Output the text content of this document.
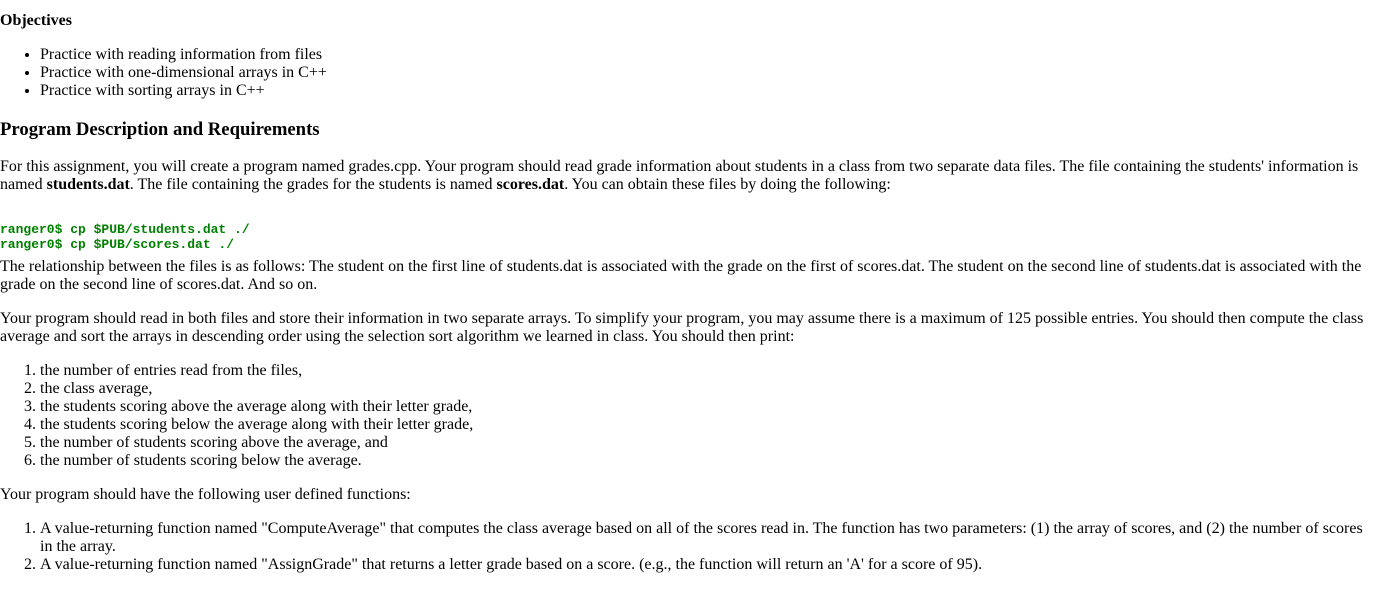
Objectives
• Practice with reading information from files
• Practice with one-dimensional arrays in C++
• Practice with sorting arrays in C++
Program Description and Requirements

For this assignment, you will create a program named grades.cpp. Your program should read grade information about students in a class from two separate data files. The file containing the students' information is named students.dat. The file containing the grades for the students is named scores.dat. You can obtain these files by doing the following:

ranger0$ cp $PUB/students.dat ./
ranger0$ cp $PUB/scores.dat ./

The relationship between the files is as follows: The student on the first line of students.dat is associated with the grade on the first of scores.dat. The student on the second line of students.dat is associated with the grade on the second line of scores.dat. And so on.

Your program should read in both files and store their information in two separate arrays. To simplify your program, you may assume there is a maximum of 125 possible entries. You should then compute the class average and sort the arrays in descending order using the selection sort algorithm we learned in class. You should then print:

1. the number of entries read from the files,
2. the class average,
3. the students scoring above the average along with their letter grade,
4. the students scoring below the average along with their letter grade,
5. the number of students scoring above the average, and
6. the number of students scoring below the average.

Your program should have the following user defined functions:

1. A value-returning function named "ComputeAverage" that computes the class average based on all of the scores read in. The function has two parameters: (1) the array of scores, and (2) the number of scores in the array.
2. A value-returning function named "AssignGrade" that returns a letter grade based on a score. (e.g., the function will return an 'A' for a score of 95).
